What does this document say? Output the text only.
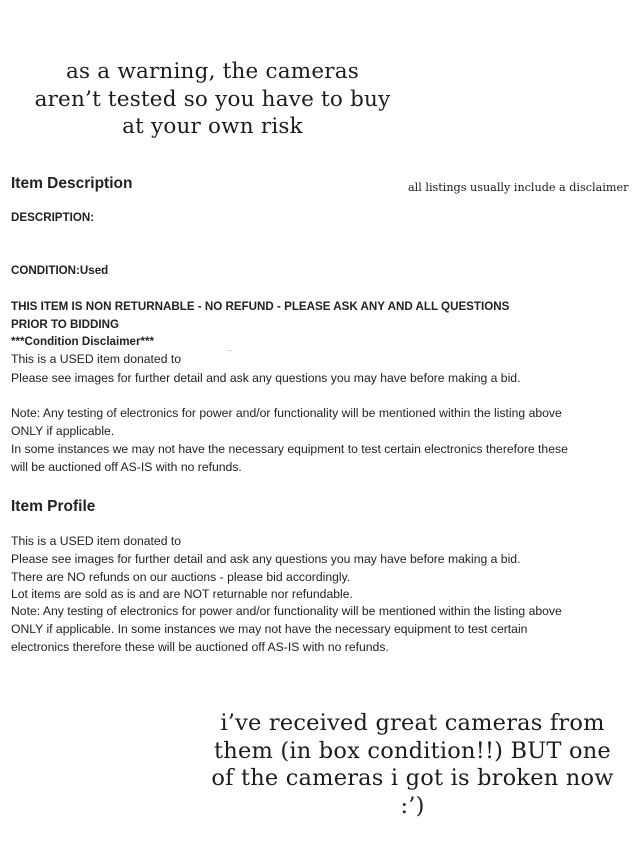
as a warning, the cameras
aren’t tested so you have to buy
at your own risk
all listings usually include a disclaimer
Item Description
DESCRIPTION:
CONDITION:Used
THIS ITEM IS NON RETURNABLE - NO REFUND - PLEASE ASK ANY AND ALL QUESTIONS
PRIOR TO BIDDING
***Condition Disclaimer***
This is a USED item donated to
··
Please see images for further detail and ask any questions you may have before making a bid.
Note: Any testing of electronics for power and/or functionality will be mentioned within the listing above
ONLY if applicable.
In some instances we may not have the necessary equipment to test certain electronics therefore these
will be auctioned off AS-IS with no refunds.
Item Profile
This is a USED item donated to
Please see images for further detail and ask any questions you may have before making a bid.
There are NO refunds on our auctions - please bid accordingly.
Lot items are sold as is and are NOT returnable nor refundable.
Note: Any testing of electronics for power and/or functionality will be mentioned within the listing above
ONLY if applicable. In some instances we may not have the necessary equipment to test certain
electronics therefore these will be auctioned off AS-IS with no refunds.
i’ve received great cameras from
them (in box condition!!) BUT one
of the cameras i got is broken now
:’)
